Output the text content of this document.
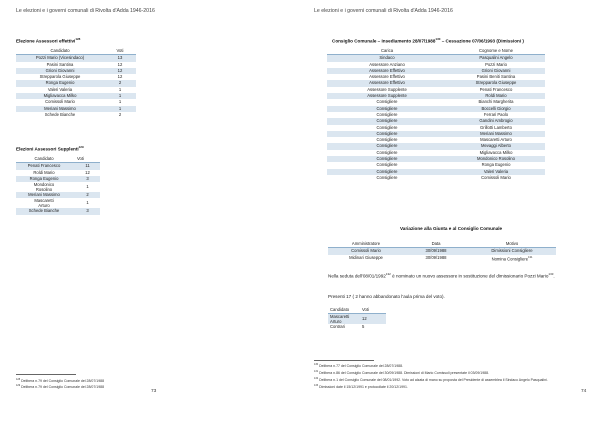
Le elezioni e i governi comunali di Rivolta d'Adda 1946-2016
Elezione Assessori effettivi$^{128}$
Candidato	Voti
Pozzi Mario (Vicesindaco)	13
Pasini Santina	12
Grioni Giovanni	12
Strepparola Giuseppe	12
Ronga Eugenio	2
Valeri Valeria	1
Migliavacca Milko	1
Comissoli Mario	1
Meriani Massimo	1
Schede Bianche	2
Elezioni Assessori Supplenti$^{129}$
Candidato	Voti
Penati Francesco	11
Roldi Mario	12
Ronga Eugenio	3
Mondonico
Rosolino	1
Meriani Massimo	2
Mascaretti
Arturo	1
Schede Bianche	3
$^{128}$ Delibera n.79 del Consiglio Comunale del 28/07/1988
$^{129}$ Delibera n.79 del Consiglio Comunale del 28/07/1988
73
Le elezioni e i governi comunali di Rivolta d'Adda 1946-2016
Consiglio Comunale – Insediamento 28/07/1988$^{130}$ – Cessazione 07/06/1993 (Dimissioni )
Carica	Cognome e Nome
Sindaco	Pasqualini Angelo
Assessore Anziano	Pozzi Mario
Assessore Effettivo	Grioni Giovanni
Assessore Effettivo	Pasini Beniti Santina
Assessore Effettivo	Strepparola Giuseppe
Assessore Supplente	Penati Francesco
Assessore Supplente	Roldi Mario
Consigliere	Bianchi Margherita
Consigliere	Boccelli Giorgio
Consigliere	Ferrari Paolo
Consigliere	Gandini Ambrogio
Consigliere	Grillotti Lamberto
Consigliere	Meriani Massimo
Consigliere	Mascaretti Arturo
Consigliere	Mevaggi Alberto
Consigliere	Migliavacca Milko
Consigliere	Mondonico Rosolino
Consigliere	Ronga Eugenio
Consigliere	Valeri Valeria
Consigliere	Comissoli Mario
Variazione alla Giunta e al Consiglio Comunale
Amministratore	Data	Motivo
Comissoli Mario	30/09/1988	Dimissioni Consigliere
Midinari Giuseppe	30/09/1988	Nomina Consigliere$^{131}$
Nella seduta dell'08/01/1992$^{132}$ è nominato un nuovo assessore in sostituzione del dimissionario Pozzi Mario$^{133}$.
Presenti 17 ( 2 hanno abbandonato l'aula prima del voto).
Candidato	Voti
Mascaretti
Arturo	12
Contrari	5
$^{130}$ Delibera n.77 del Consiglio Comunale del 28/07/1988.
$^{131}$ Delibera n.86 del Consiglio Comunale del 30/09/1988. Dimissioni di Mario Comissoli presentate il 03/09/1988.
$^{132}$ Delibera n.1 del Consiglio Comunale del 08/01/1992. Voto ad alzata di mano su proposta del Presidente di assemblea il Sindaco Angelo Pasqualini.
$^{133}$ Dimissioni date il 15/12/1991 e protocollate il 20/12/1991.
74
